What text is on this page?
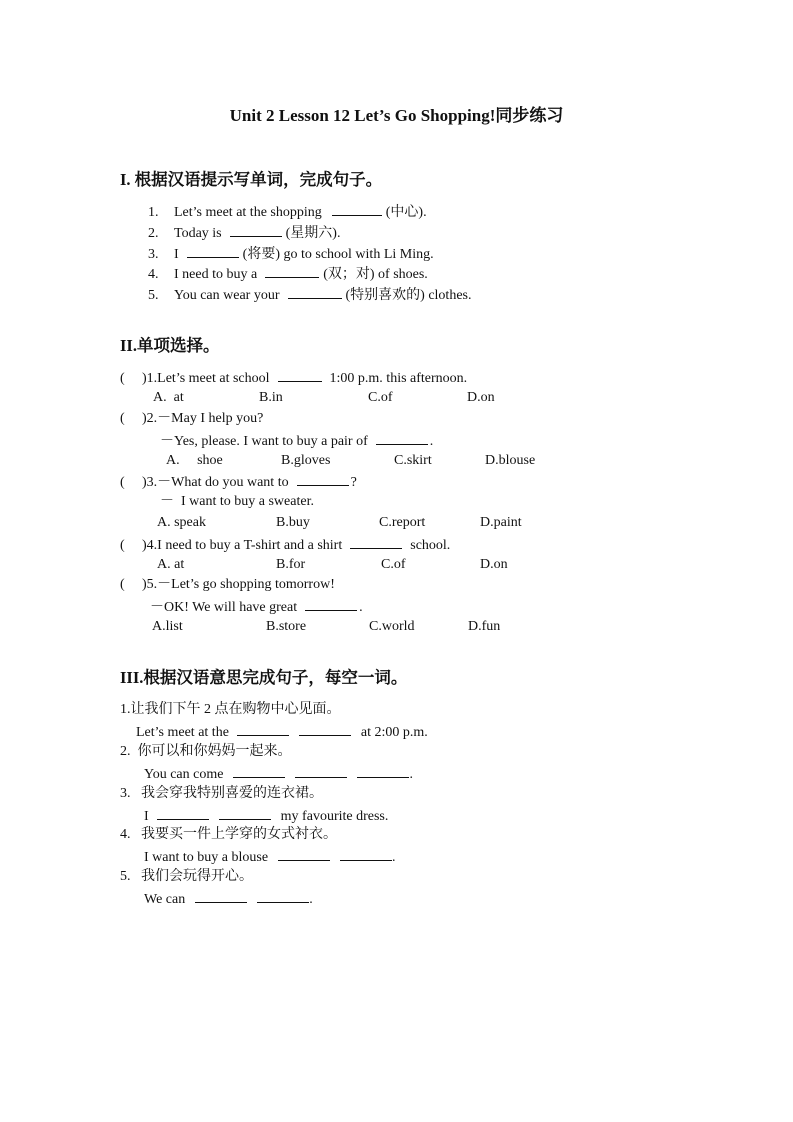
Unit 2 Lesson 12 Let’s Go Shopping!同步练习
I. 根据汉语提示写单词，完成句子。
1. Let’s meet at the shopping	(中心).
2. Today is	(星期六).
3. I	(将要) go to school with Li Ming.
4. I need to buy a	(双；对) of shoes.
5. You can wear your	(特别喜欢的) clothes.
II.单项选择。
( )1.Let’s meet at school	1:00 p.m. this afternoon.
A.  at	B.in	C.of	D.on
( )2.－May I help you?
－Yes, please. I want to buy a pair of	.
A.     shoe	B.gloves	C.skirt	D.blouse
( )3.－What do you want to	?
－  I want to buy a sweater.
A. speak	B.buy	C.report	D.paint
( )4.I need to buy a T-shirt and a shirt	school.
A. at	B.for	C.of	D.on
( )5.－Let’s go shopping tomorrow!
－OK! We will have great	.
A.list	B.store	C.world	D.fun
III.根据汉语意思完成句子，每空一词。
1.让我们下午 2 点在购物中心见面。
Let’s meet at the	at 2:00 p.m.
2.  你可以和你妈妈一起来。
You can come	.
3.   我会穿我特别喜爱的连衣裙。
I	my favourite dress.
4.   我要买一件上学穿的女式衬衣。
I want to buy a blouse	.
5.   我们会玩得开心。
We can	.
